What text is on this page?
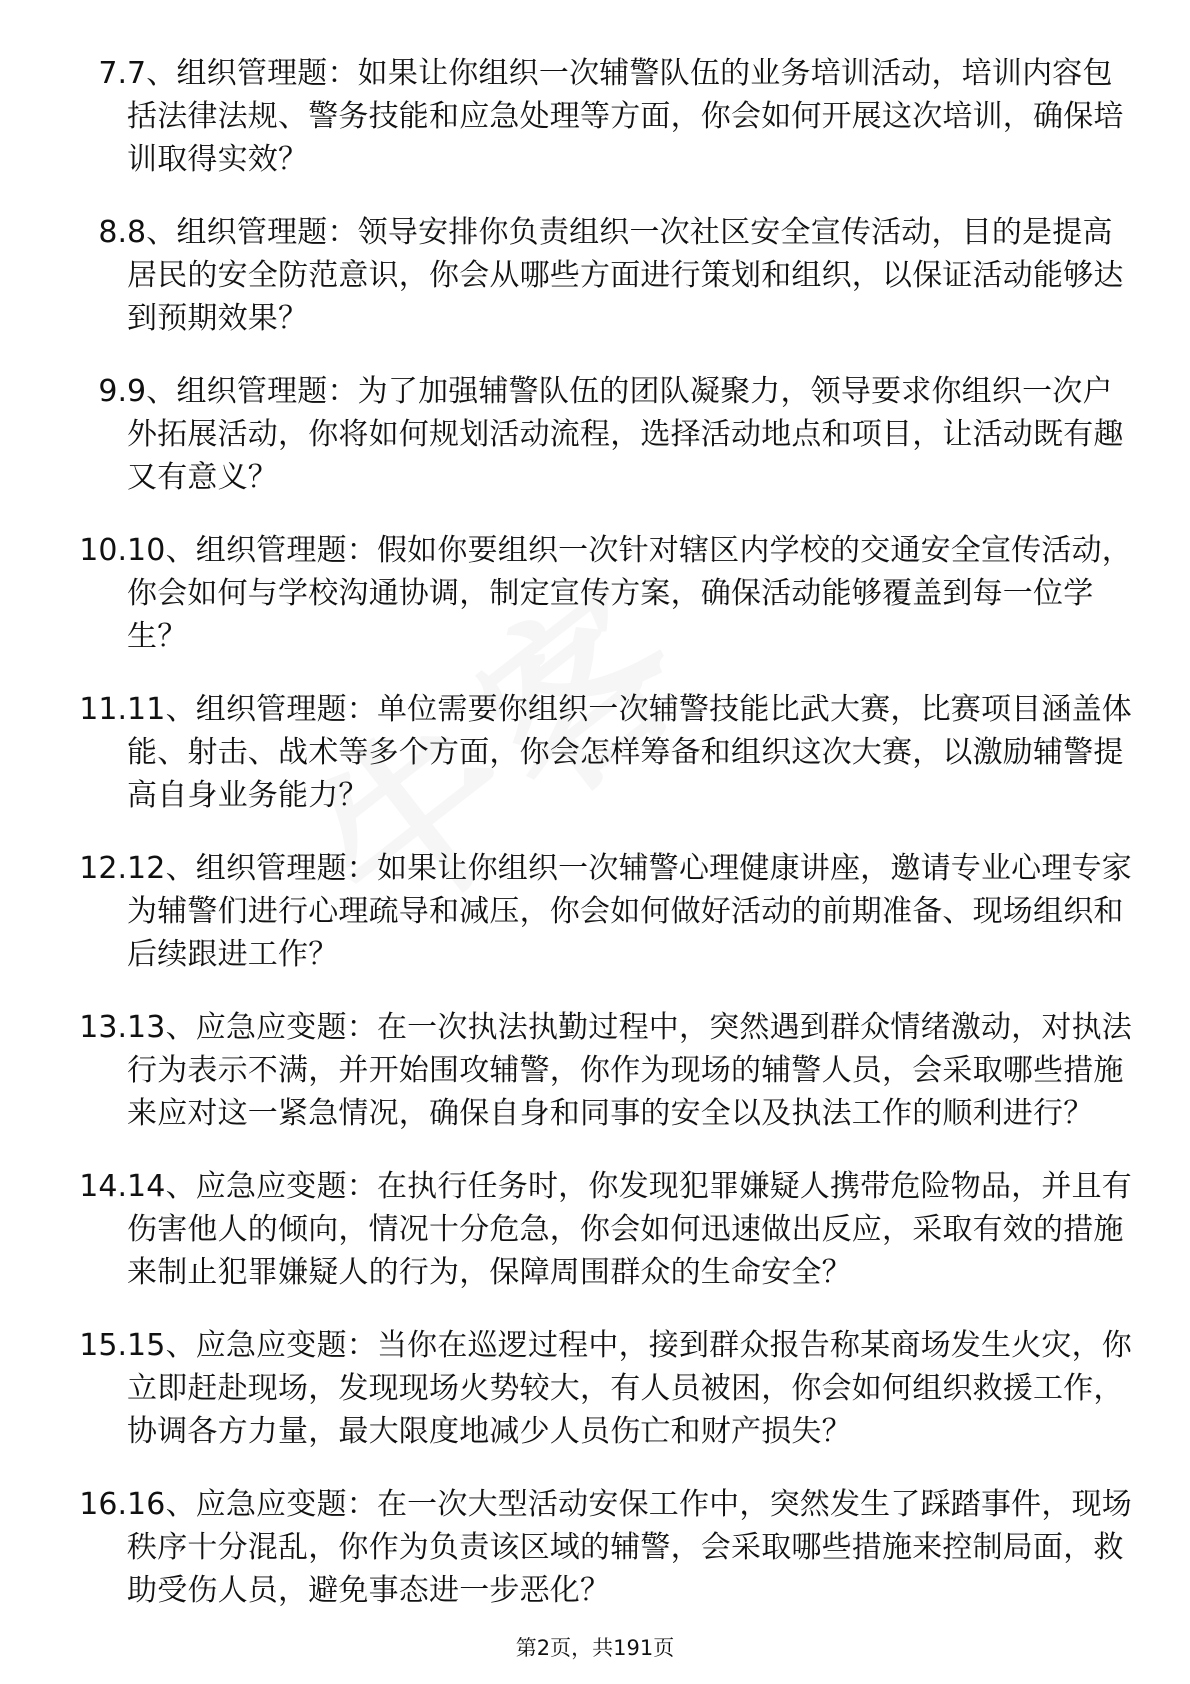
7. 7、组织管理题：如果让你组织一次辅警队伍的业务培训活动，培训内容包括法律法规、警务技能和应急处理等方面，你会如何开展这次培训，确保培训取得实效？
8. 8、组织管理题：领导安排你负责组织一次社区安全宣传活动，目的是提高居民的安全防范意识，你会从哪些方面进行策划和组织，以保证活动能够达到预期效果？
9. 9、组织管理题：为了加强辅警队伍的团队凝聚力，领导要求你组织一次户外拓展活动，你将如何规划活动流程，选择活动地点和项目，让活动既有趣又有意义？
10. 10、组织管理题：假如你要组织一次针对辖区内学校的交通安全宣传活动，你会如何与学校沟通协调，制定宣传方案，确保活动能够覆盖到每一位学生？
11. 11、组织管理题：单位需要你组织一次辅警技能比武大赛，比赛项目涵盖体能、射击、战术等多个方面，你会怎样筹备和组织这次大赛，以激励辅警提高自身业务能力？
12. 12、组织管理题：如果让你组织一次辅警心理健康讲座，邀请专业心理专家为辅警们进行心理疏导和减压，你会如何做好活动的前期准备、现场组织和后续跟进工作？
13. 13、应急应变题：在一次执法执勤过程中，突然遇到群众情绪激动，对执法行为表示不满，并开始围攻辅警，你作为现场的辅警人员，会采取哪些措施来应对这一紧急情况，确保自身和同事的安全以及执法工作的顺利进行？
14. 14、应急应变题：在执行任务时，你发现犯罪嫌疑人携带危险物品，并且有伤害他人的倾向，情况十分危急，你会如何迅速做出反应，采取有效的措施来制止犯罪嫌疑人的行为，保障周围群众的生命安全？
15. 15、应急应变题：当你在巡逻过程中，接到群众报告称某商场发生火灾，你立即赶赴现场，发现现场火势较大，有人员被困，你会如何组织救援工作，协调各方力量，最大限度地减少人员伤亡和财产损失？
16. 16、应急应变题：在一次大型活动安保工作中，突然发生了踩踏事件，现场秩序十分混乱，你作为负责该区域的辅警，会采取哪些措施来控制局面，救助受伤人员，避免事态进一步恶化？
第2页，共191页
